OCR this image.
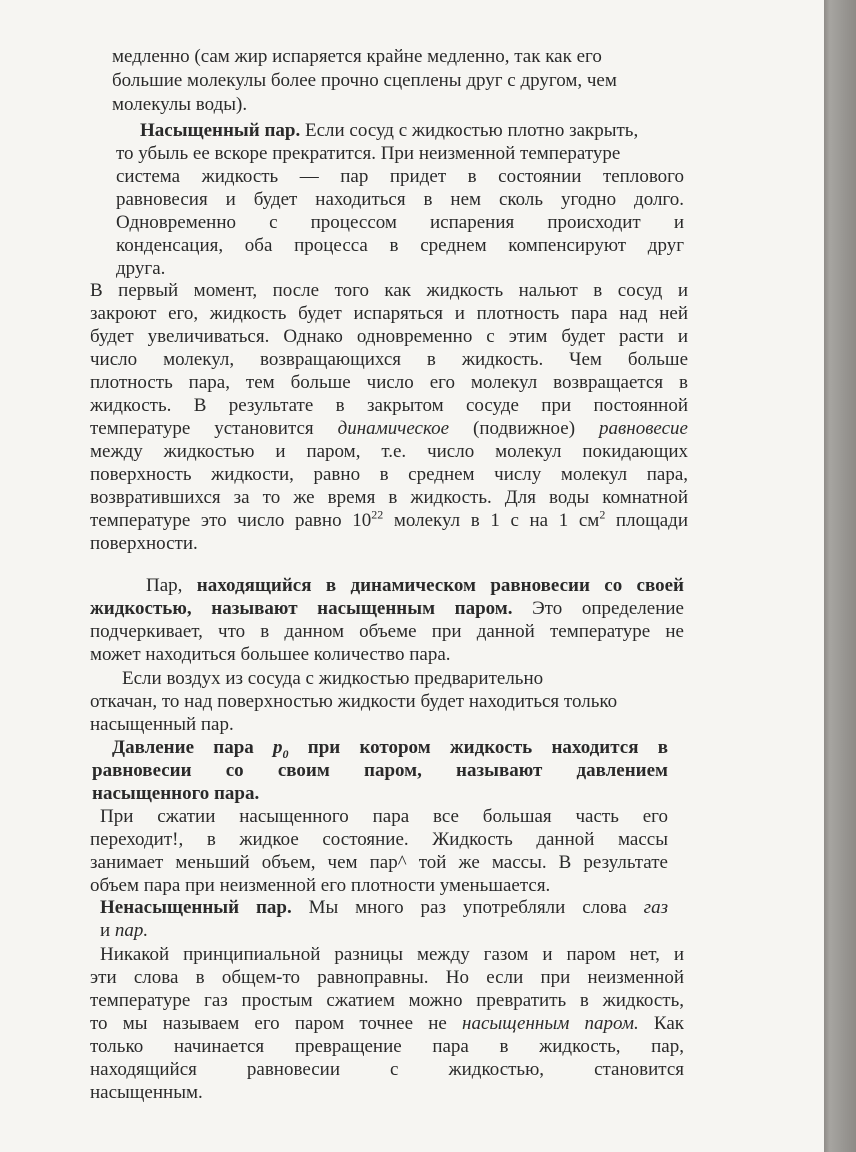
медленно (сам жир испаряется крайне медленно, так как его
большие молекулы более прочно сцеплены друг с другом, чем
молекулы воды).
Насыщенный пар. Если сосуд с жидкостью плотно закрыть,
то убыль ее вскоре прекратится. При неизменной температуре
система жидкость — пар придет в состоянии теплового
равновесия и будет находиться в нем сколь угодно долго.
Одновременно с процессом испарения происходит и
конденсация, оба процесса в среднем компенсируют друг
друга.
В первый момент, после того как жидкость нальют в сосуд и
закроют его, жидкость будет испаряться и плотность пара над ней
будет увеличиваться. Однако одновременно с этим будет расти и
число молекул, возвращающихся в жидкость. Чем больше
плотность пара, тем больше число его молекул возвращается в
жидкость. В результате в закрытом сосуде при постоянной
температуре установится динамическое (подвижное) равновесие
между жидкостью и паром, т.е. число молекул покидающих
поверхность жидкости, равно в среднем числу молекул пара,
возвратившихся за то же время в жидкость. Для воды комнатной
температуре это число равно $10^{22}$ молекул в 1 с на 1 $см^2$ площади
поверхности.
Пар, находящийся в динамическом равновесии со своей
жидкостью, называют насыщенным паром. Это определение
подчеркивает, что в данном объеме при данной температуре не
может находиться большее количество пара.
Если воздух из сосуда с жидкостью предварительно
откачан, то над поверхностью жидкости будет находиться только
насыщенный пар.
Давление пара $p_0$ при котором жидкость находится в
равновесии со своим паром, называют давлением
насыщенного пара.
При сжатии насыщенного пара все большая часть его
переходит!, в жидкое состояние. Жидкость данной массы
занимает меньший объем, чем пар^ той же массы. В результате
объем пара при неизменной его плотности уменьшается.
Ненасыщенный пар. Мы много раз употребляли слова газ
и пар.
Никакой принципиальной разницы между газом и паром нет, и
эти слова в общем-то равноправны. Но если при неизменной
температуре газ простым сжатием можно превратить в жидкость,
то мы называем его паром точнее не насыщенным паром. Как
только начинается превращение пара в жидкость, пар,
находящийся равновесии с жидкостью, становится
насыщенным.
